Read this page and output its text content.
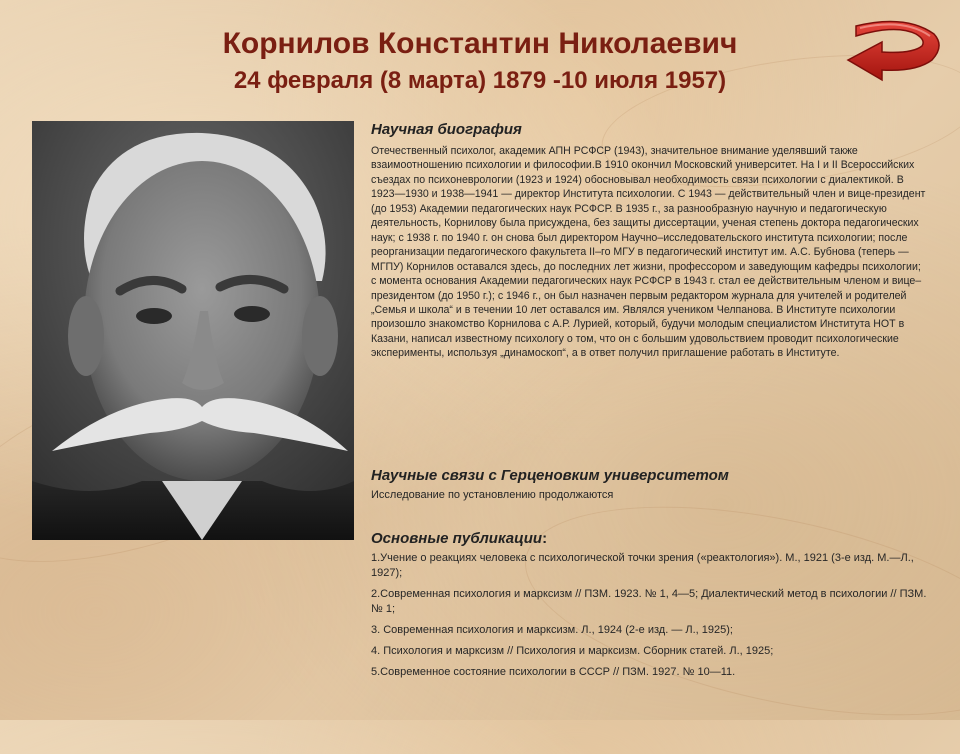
Корнилов Константин Николаевич
24 февраля (8 марта) 1879 -10 июля 1957)

Научная биография

Отечественный психолог, академик АПН РСФСР (1943), значительное внимание уделявший также взаимоотношению психологии и философии.В 1910 окончил Московский университет. На I и II Всероссийских съездах по психоневрологии (1923 и 1924) обосновывал необходимость связи психологии с диалектикой. В 1923—1930 и 1938—1941 — директор Института психологии. С 1943 — действительный член и вице-президент (до 1953) Академии педагогических наук РСФСР. В 1935 г., за разнообразную научную и педагогическую деятельность, Корнилову была присуждена, без защиты диссертации, ученая степень доктора педагогических наук; с 1938 г. по 1940 г. он снова был директором Научно–исследовательского института психологии; после реорганизации педагогического факультета II–го МГУ в педагогический институт им. А.С. Бубнова (теперь — МГПУ) Корнилов оставался здесь, до последних лет жизни, профессором и заведующим кафедры психологии; с момента основания Академии педагогических наук РСФСР в 1943 г. стал ее действительным членом и вице–президентом (до 1950 г.); с 1946 г., он был назначен первым редактором журнала для учителей и родителей „Семья и школа“ и в течении 10 лет оставался им. Являлся учеником Челпанова. В Институте психологии произошло знакомство Корнилова с А.Р. Лурией, который, будучи молодым специалистом Института НОТ в Казани, написал известному психологу о том, что он с большим удовольствием проводит психологические эксперименты, используя „динамоскоп“, а в ответ получил приглашение работать в Институте.

Научные связи с Герценовким университетом

Исследование по установлению продолжаются

Основные публикации:

1.Учение о реакциях человека с психологической точки зрения («реактология»). М., 1921 (3-е изд. М.—Л., 1927);
2.Современная психология и марксизм // ПЗМ. 1923. № 1, 4—5; Диалектический метод в психологии // ПЗМ. № 1;
3. Современная психология и марксизм. Л., 1924 (2-е изд. — Л., 1925);
4. Психология и марксизм // Психология и марксизм. Сборник статей. Л., 1925;
5.Современное состояние психологии в СССР // ПЗМ. 1927. № 10—11.
